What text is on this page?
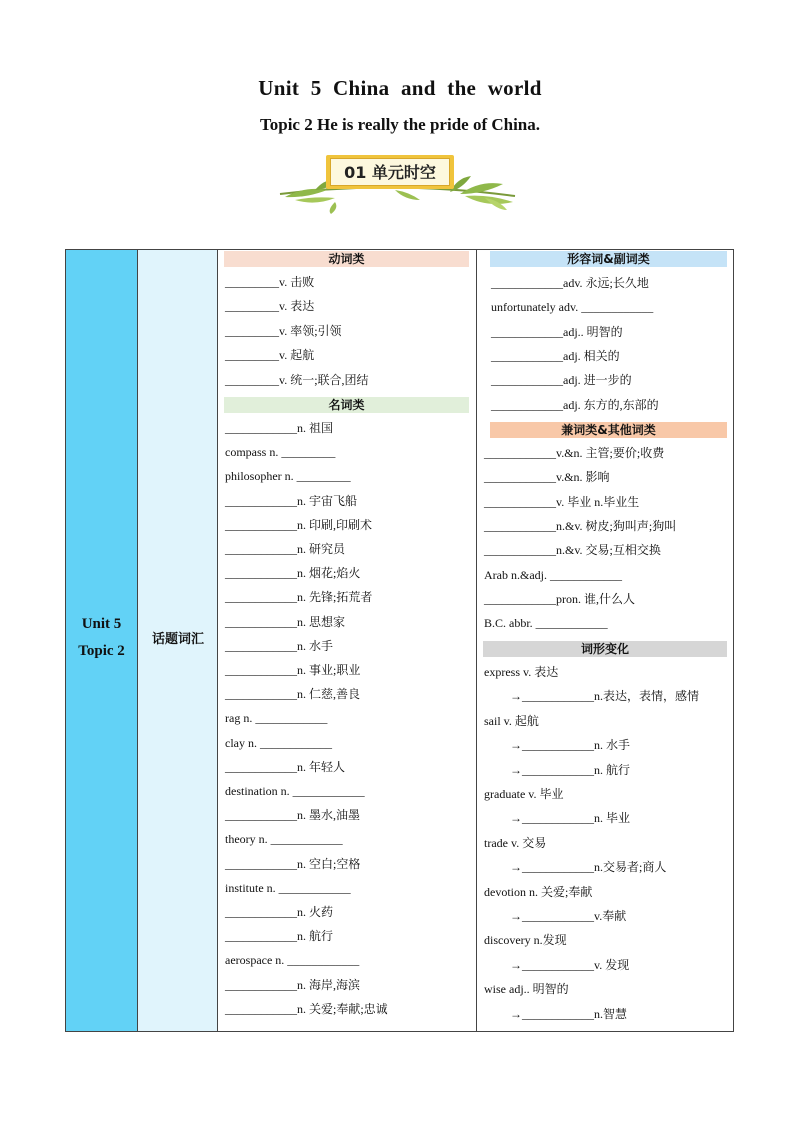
Unit 5 China and the world
Topic 2 He is really the pride of China.
01 单元时空
Unit 5
Topic 2
话题词汇
动词类
名词类
形容词&副词类
兼词类&其他词类
词形变化
_________v. 击败
_________v. 表达
_________v. 率领;引领
_________v. 起航
_________v. 统一;联合,团结
____________n. 祖国
compass n. _________
philosopher n. _________
____________n. 宇宙飞船
____________n. 印刷,印刷术
____________n. 研究员
____________n. 烟花;焰火
____________n. 先锋;拓荒者
____________n. 思想家
____________n. 水手
____________n. 事业;职业
____________n. 仁慈,善良
rag n. ____________
clay n. ____________
____________n. 年轻人
destination n. ____________
____________n. 墨水,油墨
theory n. ____________
____________n. 空白;空格
institute n. ____________
____________n. 火药
____________n. 航行
aerospace n. ____________
____________n. 海岸,海滨
____________n. 关爱;奉献;忠诚
____________adv. 永远;长久地
unfortunately adv. ____________
____________adj.. 明智的
____________adj. 相关的
____________adj. 进一步的
____________adj. 东方的,东部的
____________v.&n. 主管;要价;收费
____________v.&n. 影响
____________v. 毕业 n.毕业生
____________n.&v. 树皮;狗叫声;狗叫
____________n.&v. 交易;互相交换
Arab n.&adj. ____________
____________pron. 谁,什么人
B.C. abbr. ____________
express v. 表达
→____________n.表达，表情，感情
sail v. 起航
→____________n. 水手
→____________n. 航行
graduate v. 毕业
→____________n. 毕业
trade v. 交易
→____________n.交易者;商人
devotion n. 关爱;奉献
→____________v.奉献
discovery n.发现
→____________v. 发现
wise adj.. 明智的
→____________n.智慧
